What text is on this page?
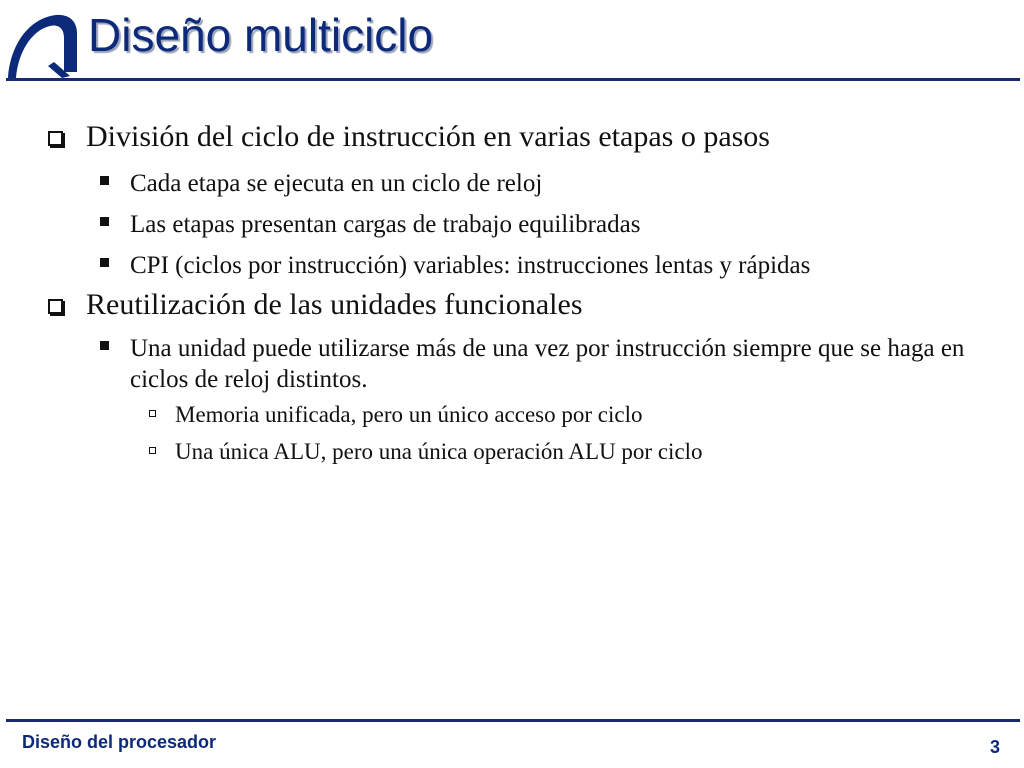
Diseño multiciclo
División del ciclo de instrucción en varias etapas o pasos
Cada etapa se ejecuta en un ciclo de reloj
Las etapas presentan cargas de trabajo equilibradas
CPI (ciclos por instrucción) variables: instrucciones lentas y rápidas
Reutilización de las unidades funcionales
Una unidad puede utilizarse más de una vez por instrucción siempre que se haga en ciclos de reloj distintos.
Memoria unificada, pero un único acceso por ciclo
Una única ALU, pero una única operación ALU por ciclo
Diseño del procesador	3
